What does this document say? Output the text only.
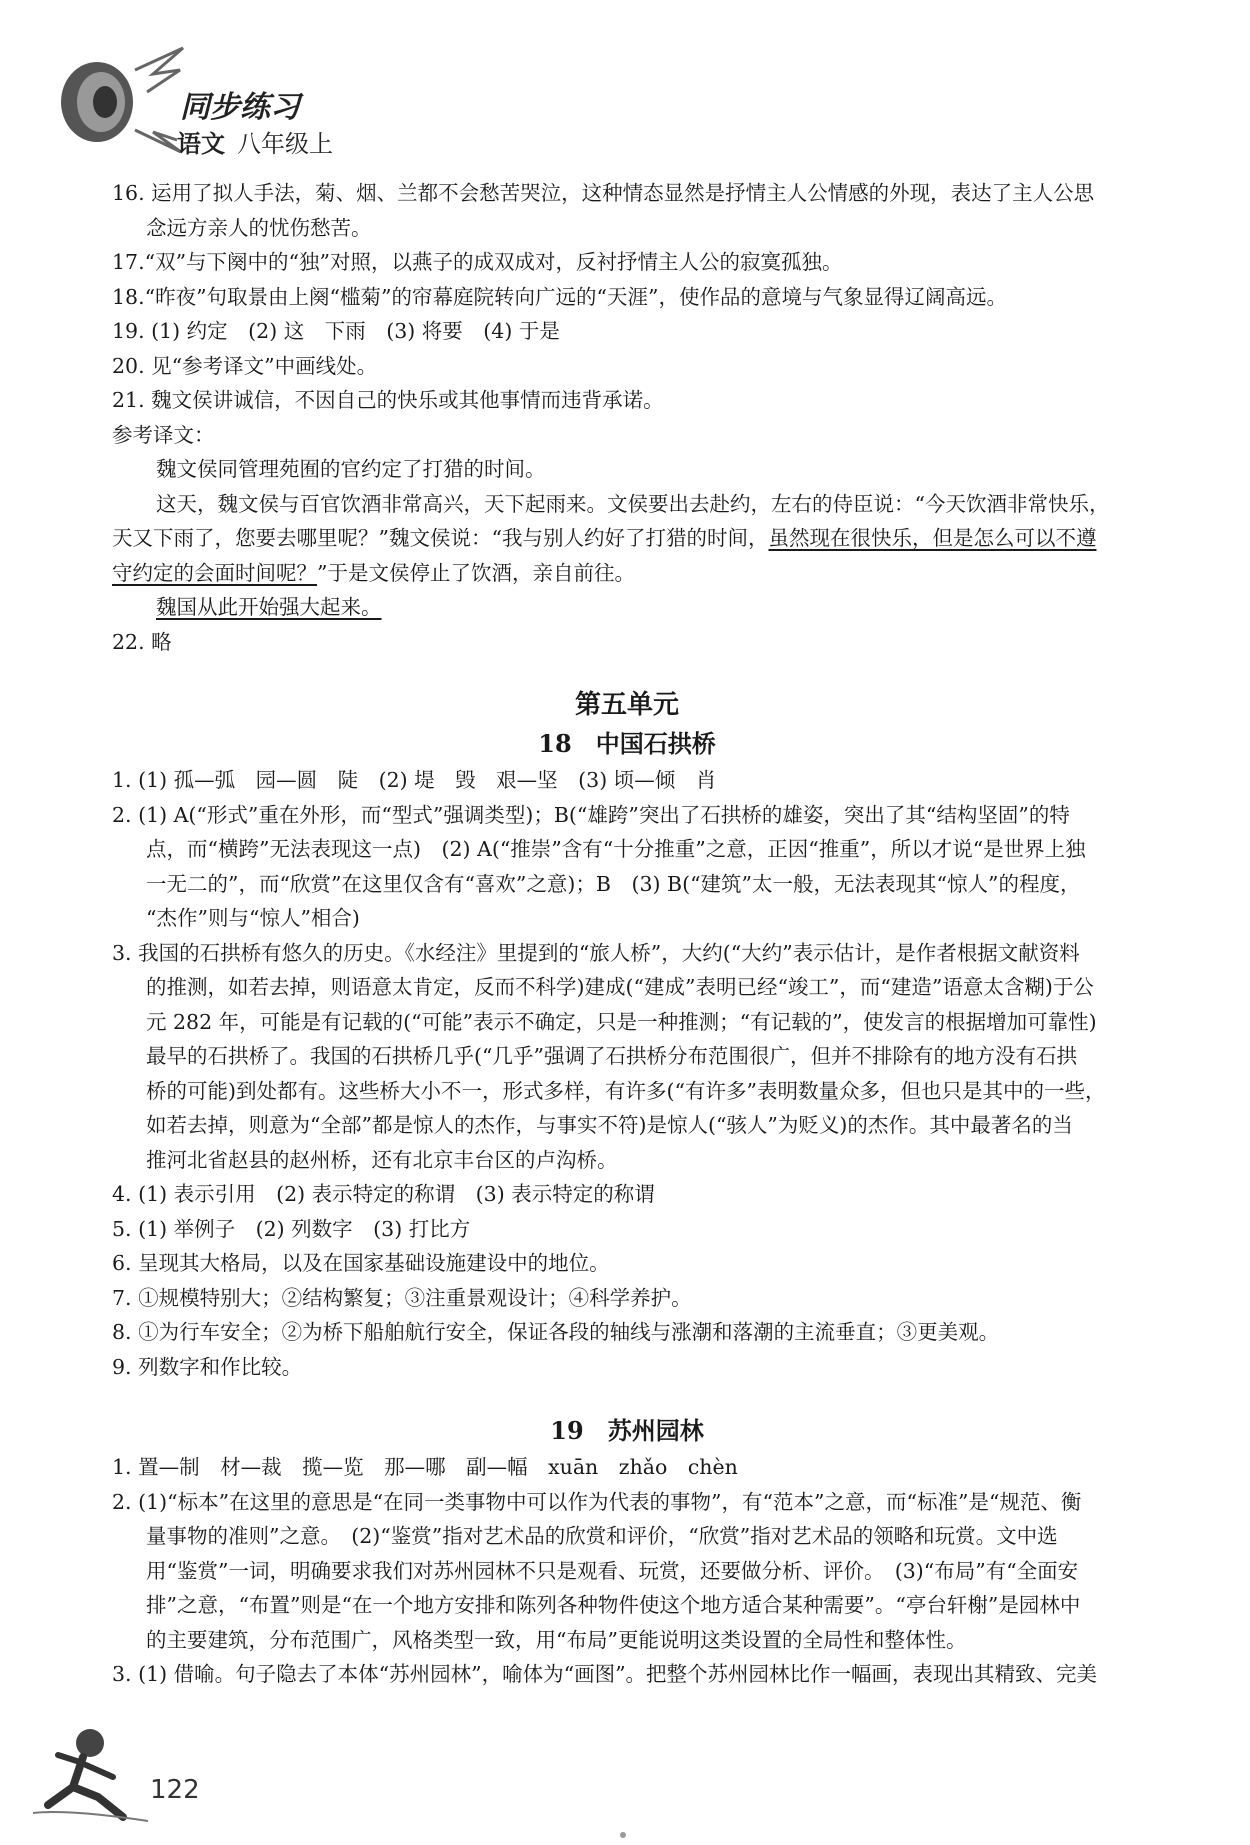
同步练习
语文 八年级上

16. 运用了拟人手法，菊、烟、兰都不会愁苦哭泣，这种情态显然是抒情主人公情感的外现，表达了主人公思

念远方亲人的忧伤愁苦。

17.“双”与下阕中的“独”对照，以燕子的成双成对，反衬抒情主人公的寂寞孤独。

18.“昨夜”句取景由上阕“槛菊”的帘幕庭院转向广远的“天涯”，使作品的意境与气象显得辽阔高远。

19. (1) 约定　(2) 这　下雨　(3) 将要　(4) 于是

20. 见“参考译文”中画线处。

21. 魏文侯讲诚信，不因自己的快乐或其他事情而违背承诺。

参考译文：

魏文侯同管理苑囿的官约定了打猎的时间。

这天，魏文侯与百官饮酒非常高兴，天下起雨来。文侯要出去赴约，左右的侍臣说：“今天饮酒非常快乐，

天又下雨了，您要去哪里呢？”魏文侯说：“我与别人约好了打猎的时间，虽然现在很快乐，但是怎么可以不遵

守约定的会面时间呢？”于是文侯停止了饮酒，亲自前往。

魏国从此开始强大起来。

22. 略

第五单元
18　中国石拱桥

1. (1) 孤—弧　园—圆　陡　(2) 堤　毁　艰—坚　(3) 顷—倾　肖

2. (1) A(“形式”重在外形，而“型式”强调类型)；B(“雄跨”突出了石拱桥的雄姿，突出了其“结构坚固”的特

点，而“横跨”无法表现这一点)　(2) A(“推崇”含有“十分推重”之意，正因“推重”，所以才说“是世界上独

一无二的”，而“欣赏”在这里仅含有“喜欢”之意)；B　(3) B(“建筑”太一般，无法表现其“惊人”的程度，

“杰作”则与“惊人”相合)

3. 我国的石拱桥有悠久的历史。《水经注》里提到的“旅人桥”，大约(“大约”表示估计，是作者根据文献资料

的推测，如若去掉，则语意太肯定，反而不科学)建成(“建成”表明已经“竣工”，而“建造”语意太含糊)于公

元 282 年，可能是有记载的(“可能”表示不确定，只是一种推测；“有记载的”，使发言的根据增加可靠性)

最早的石拱桥了。我国的石拱桥几乎(“几乎”强调了石拱桥分布范围很广，但并不排除有的地方没有石拱

桥的可能)到处都有。这些桥大小不一，形式多样，有许多(“有许多”表明数量众多，但也只是其中的一些，

如若去掉，则意为“全部”都是惊人的杰作，与事实不符)是惊人(“骇人”为贬义)的杰作。其中最著名的当

推河北省赵县的赵州桥，还有北京丰台区的卢沟桥。

4. (1) 表示引用　(2) 表示特定的称谓　(3) 表示特定的称谓

5. (1) 举例子　(2) 列数字　(3) 打比方

6. 呈现其大格局，以及在国家基础设施建设中的地位。

7. ①规模特别大；②结构繁复；③注重景观设计；④科学养护。

8. ①为行车安全；②为桥下船舶航行安全，保证各段的轴线与涨潮和落潮的主流垂直；③更美观。

9. 列数字和作比较。

19　苏州园林

1. 置—制　材—裁　揽—览　那—哪　副—幅　xuān　zhǎo　chèn

2. (1)“标本”在这里的意思是“在同一类事物中可以作为代表的事物”，有“范本”之意，而“标准”是“规范、衡

量事物的准则”之意。　(2)“鉴赏”指对艺术品的欣赏和评价，“欣赏”指对艺术品的领略和玩赏。文中选

用“鉴赏”一词，明确要求我们对苏州园林不只是观看、玩赏，还要做分析、评价。　(3)“布局”有“全面安

排”之意，“布置”则是“在一个地方安排和陈列各种物件使这个地方适合某种需要”。“亭台轩榭”是园林中

的主要建筑，分布范围广，风格类型一致，用“布局”更能说明这类设置的全局性和整体性。

3. (1) 借喻。句子隐去了本体“苏州园林”，喻体为“画图”。把整个苏州园林比作一幅画，表现出其精致、完美

122
